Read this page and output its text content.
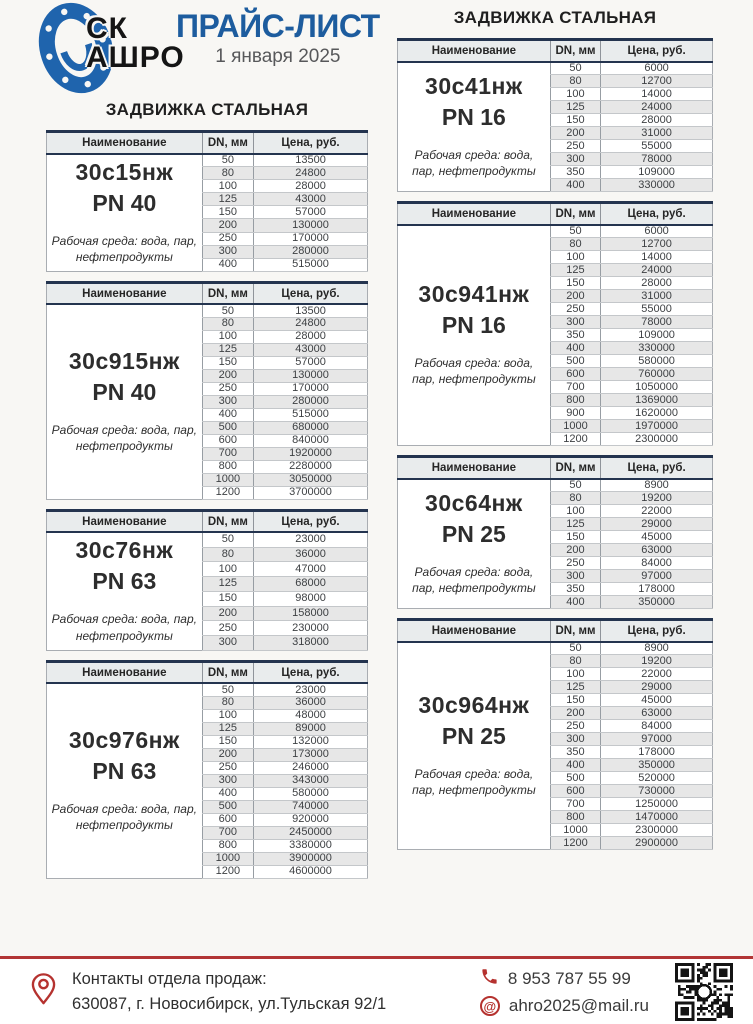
СК
АШРО
ПРАЙС-ЛИСТ
1 января 2025
ЗАДВИЖКА СТАЛЬНАЯ
Наименование	DN, мм	Цена, руб.

30с15нж
PN 40
Рабочая среда: вода, пар, нефтепродукты	50	13500
	80	24800
	100	28000
	125	43000
	150	57000
	200	130000
	250	170000
	300	280000
	400	515000
Наименование	DN, мм	Цена, руб.

30с915нж
PN 40
Рабочая среда: вода, пар, нефтепродукты	50	13500
	80	24800
	100	28000
	125	43000
	150	57000
	200	130000
	250	170000
	300	280000
	400	515000
	500	680000
	600	840000
	700	1920000
	800	2280000
	1000	3050000
	1200	3700000
Наименование	DN, мм	Цена, руб.

30с76нж
PN 63
Рабочая среда: вода, пар, нефтепродукты	50	23000
	80	36000
	100	47000
	125	68000
	150	98000
	200	158000
	250	230000
	300	318000
Наименование	DN, мм	Цена, руб.

30с976нж
PN 63
Рабочая среда: вода, пар, нефтепродукты	50	23000
	80	36000
	100	48000
	125	89000
	150	132000
	200	173000
	250	246000
	300	343000
	400	580000
	500	740000
	600	920000
	700	2450000
	800	3380000
	1000	3900000
	1200	4600000
ЗАДВИЖКА СТАЛЬНАЯ
Наименование	DN, мм	Цена, руб.

30с41нж
PN 16
Рабочая среда: вода, пар, нефтепродукты	50	6000
	80	12700
	100	14000
	125	24000
	150	28000
	200	31000
	250	55000
	300	78000
	350	109000
	400	330000
Наименование	DN, мм	Цена, руб.

30с941нж
PN 16
Рабочая среда: вода, пар, нефтепродукты	50	6000
	80	12700
	100	14000
	125	24000
	150	28000
	200	31000
	250	55000
	300	78000
	350	109000
	400	330000
	500	580000
	600	760000
	700	1050000
	800	1369000
	900	1620000
	1000	1970000
	1200	2300000
Наименование	DN, мм	Цена, руб.

30с64нж
PN 25
Рабочая среда: вода, пар, нефтепродукты	50	8900
	80	19200
	100	22000
	125	29000
	150	45000
	200	63000
	250	84000
	300	97000
	350	178000
	400	350000
Наименование	DN, мм	Цена, руб.

30с964нж
PN 25
Рабочая среда: вода, пар, нефтепродукты	50	8900
	80	19200
	100	22000
	125	29000
	150	45000
	200	63000
	250	84000
	300	97000
	350	178000
	400	350000
	500	520000
	600	730000
	700	1250000
	800	1470000
	1000	2300000
	1200	2900000
Контакты отдела продаж:
630087, г. Новосибирск, ул.Тульская 92/1
8 953 787 55 99
@ ahro2025@mail.ru
